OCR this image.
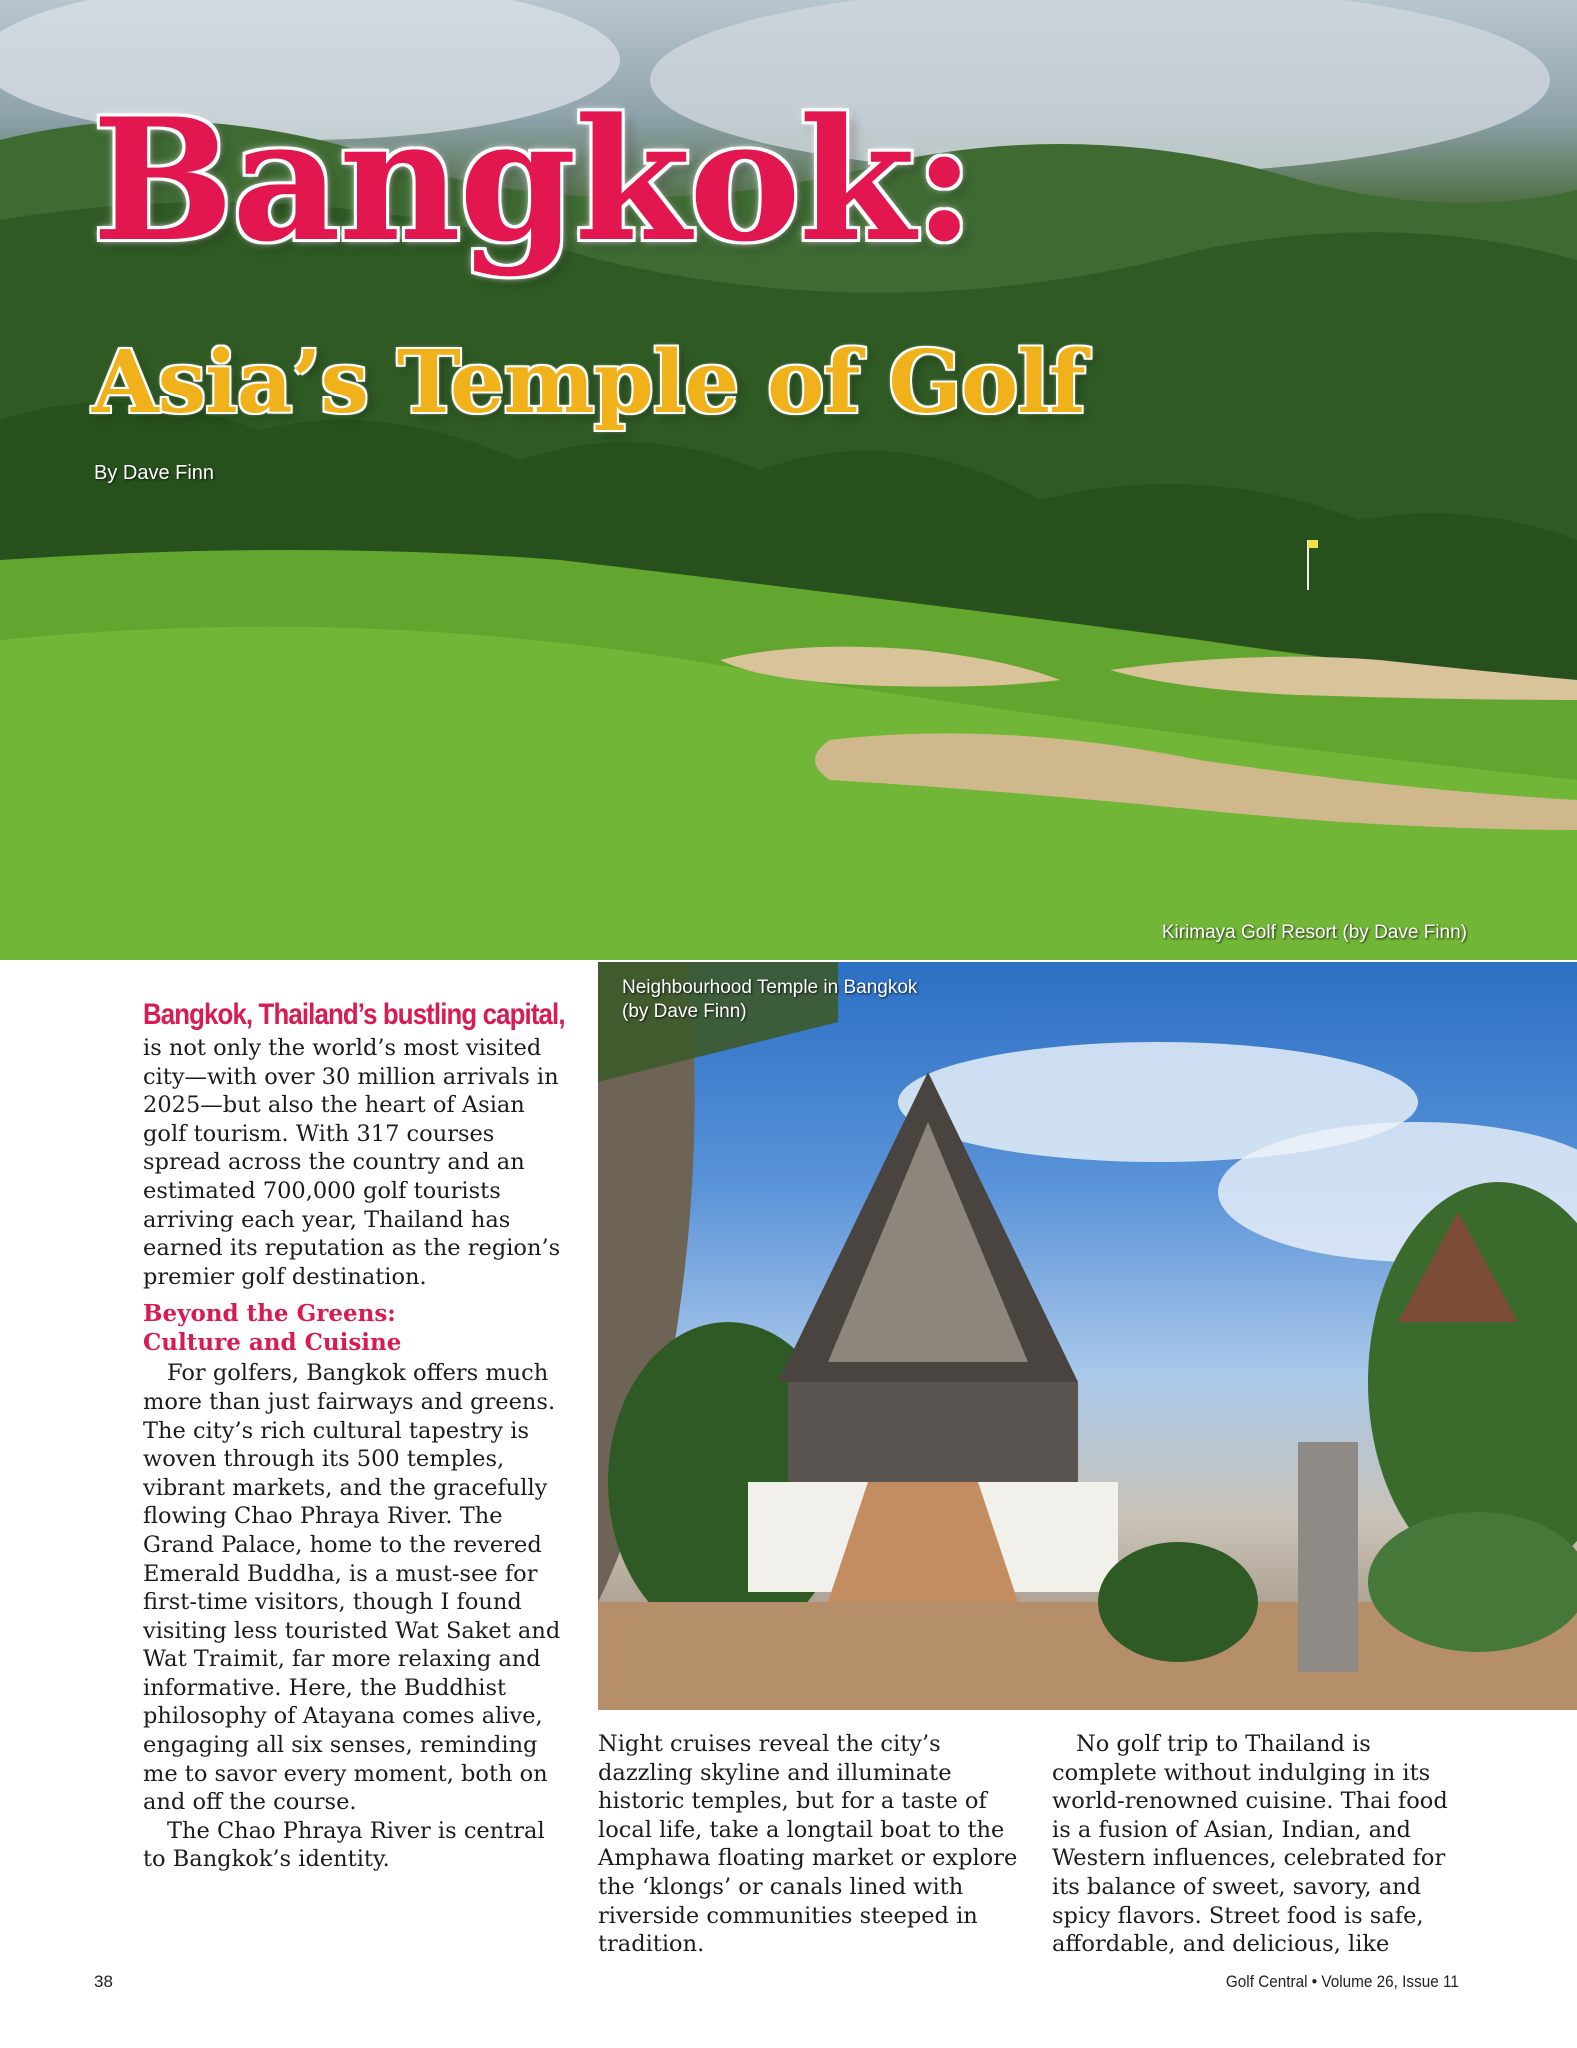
Bangkok:
Asia’s Temple of Golf
By Dave Finn
Kirimaya Golf Resort (by Dave Finn)

Neighbourhood Temple in Bangkok
(by Dave Finn)

Bangkok, Thailand’s bustling capital,

is not only the world’s most visited city—with over 30 million arrivals in 2025—but also the heart of Asian golf tourism. With 317 courses spread across the country and an estimated 700,000 golf tourists arriving each year, Thailand has earned its reputation as the region’s premier golf destination.

Beyond the Greens:
Culture and Cuisine

For golfers, Bangkok offers much more than just fairways and greens. The city’s rich cultural tapestry is woven through its 500 temples, vibrant markets, and the gracefully flowing Chao Phraya River. The Grand Palace, home to the revered Emerald Buddha, is a must-see for first-time visitors, though I found visiting less touristed Wat Saket and Wat Traimit, far more relaxing and informative. Here, the Buddhist philosophy of Atayana comes alive, engaging all six senses, reminding me to savor every moment, both on and off the course.

The Chao Phraya River is central to Bangkok’s identity.

Night cruises reveal the city’s dazzling skyline and illuminate historic temples, but for a taste of local life, take a longtail boat to the Amphawa floating market or explore the ‘klongs’ or canals lined with riverside communities steeped in tradition.

No golf trip to Thailand is complete without indulging in its world-renowned cuisine. Thai food is a fusion of Asian, Indian, and Western influences, celebrated for its balance of sweet, savory, and spicy flavors. Street food is safe, affordable, and delicious, like

38	Golf Central • Volume 26, Issue 11
